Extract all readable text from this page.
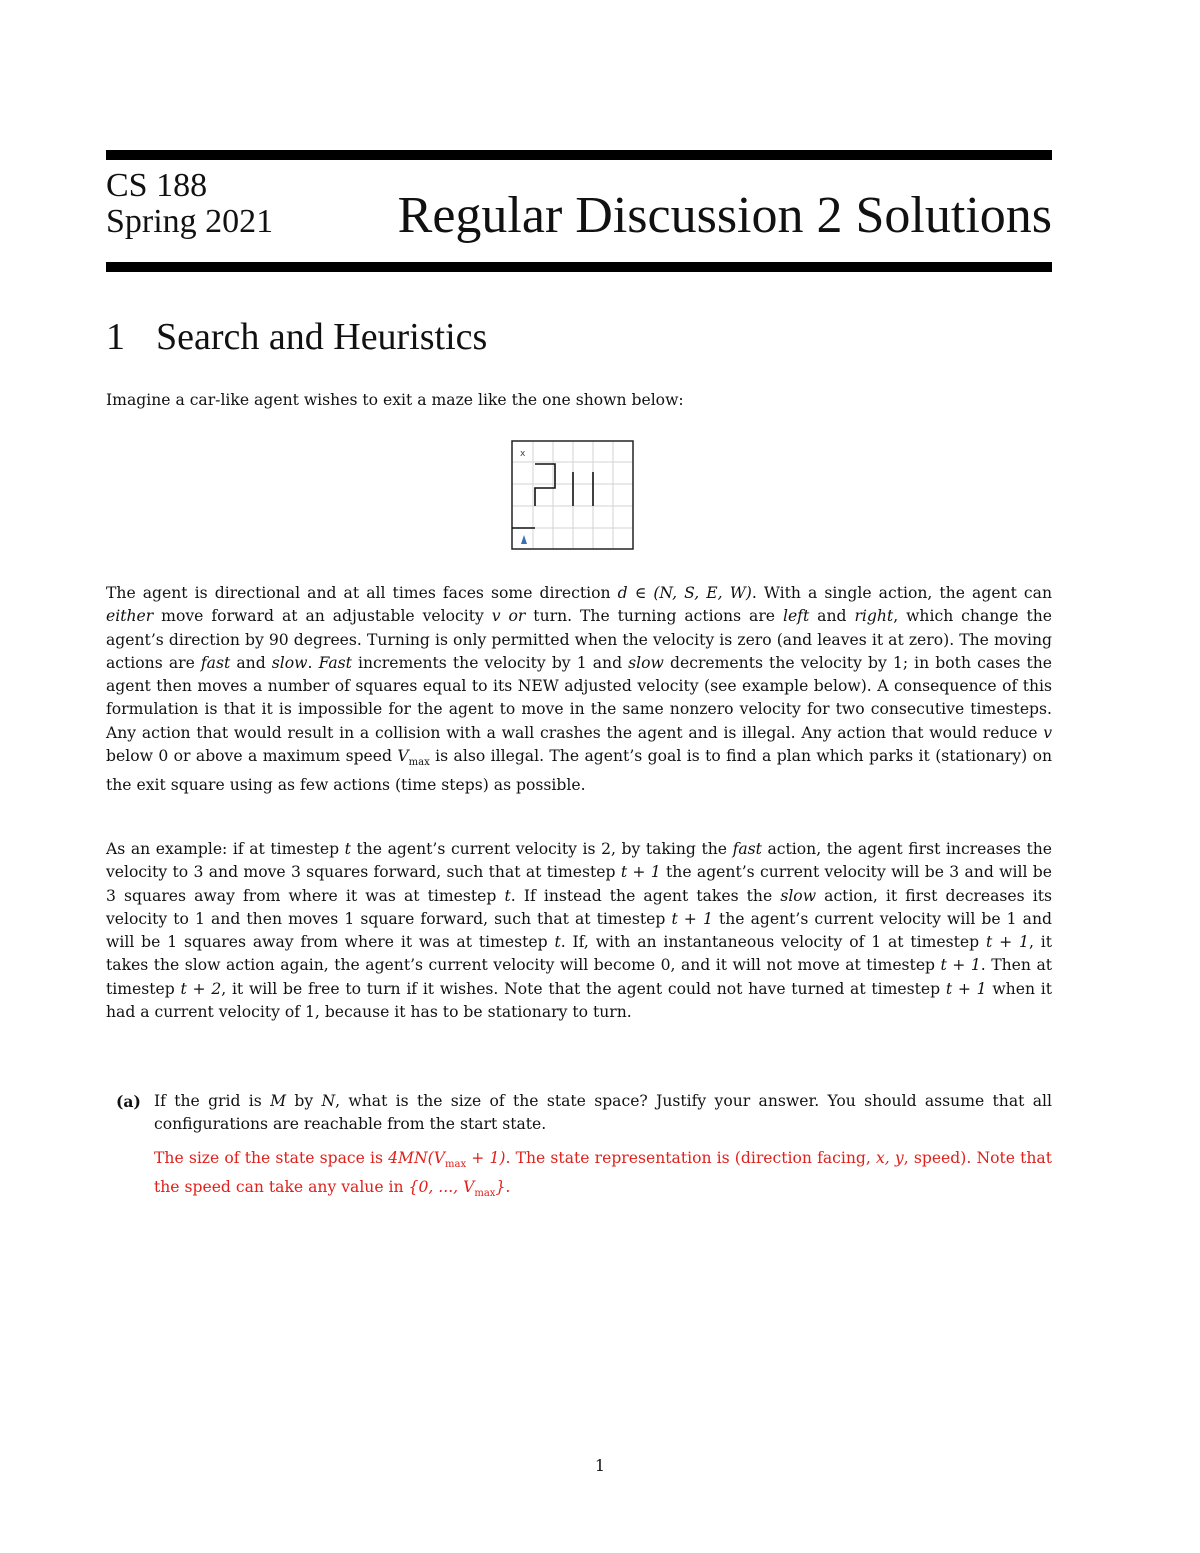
CS 188
Spring 2021 Regular Discussion 2 Solutions
1 Search and Heuristics
Imagine a car-like agent wishes to exit a maze like the one shown below:
x
The agent is directional and at all times faces some direction d ∈ (N, S, E, W). With a single action, the agent can either move forward at an adjustable velocity v or turn. The turning actions are left and right, which change the agent’s direction by 90 degrees. Turning is only permitted when the velocity is zero (and leaves it at zero). The moving actions are fast and slow. Fast increments the velocity by 1 and slow decrements the velocity by 1; in both cases the agent then moves a number of squares equal to its NEW adjusted velocity (see example below). A consequence of this formulation is that it is impossible for the agent to move in the same nonzero velocity for two consecutive timesteps. Any action that would result in a collision with a wall crashes the agent and is illegal. Any action that would reduce v below 0 or above a maximum speed $V_{max}$ is also illegal. The agent’s goal is to find a plan which parks it (stationary) on the exit square using as few actions (time steps) as possible.
As an example: if at timestep t the agent’s current velocity is 2, by taking the fast action, the agent first increases the velocity to 3 and move 3 squares forward, such that at timestep t + 1 the agent’s current velocity will be 3 and will be 3 squares away from where it was at timestep t. If instead the agent takes the slow action, it first decreases its velocity to 1 and then moves 1 square forward, such that at timestep t + 1 the agent’s current velocity will be 1 and will be 1 squares away from where it was at timestep t. If, with an instantaneous velocity of 1 at timestep t + 1, it takes the slow action again, the agent’s current velocity will become 0, and it will not move at timestep t + 1. Then at timestep t + 2, it will be free to turn if it wishes. Note that the agent could not have turned at timestep t + 1 when it had a current velocity of 1, because it has to be stationary to turn.
(a) If the grid is M by N, what is the size of the state space? Justify your answer. You should assume that all configurations are reachable from the start state.
The size of the state space is $4MN(V_{max} + 1)$. The state representation is (direction facing, x, y, speed). Note that the speed can take any value in {0, ..., $V_{max}$}.
1
